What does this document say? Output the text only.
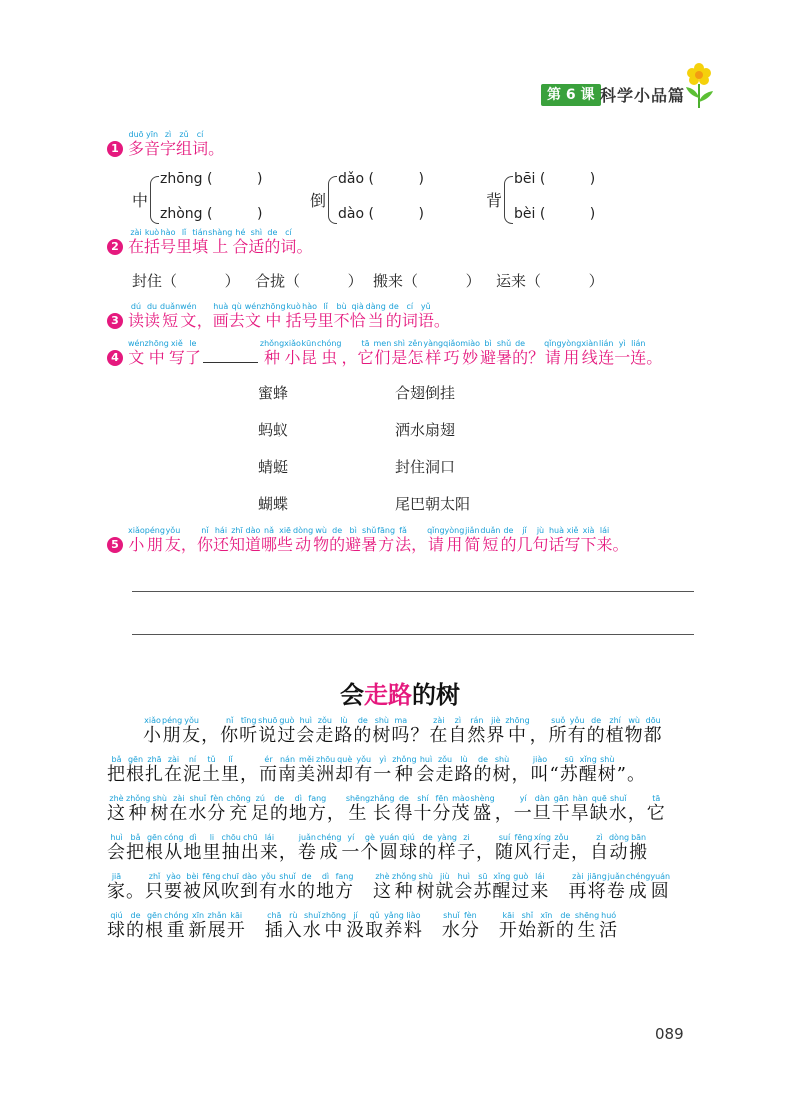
第 6 课 科学小品篇
1 多duō音yīn字zì组zǔ词cí。
中
zhōng (          )
zhòng (          )
倒
dǎo (          )
dào (          )
背
bēi (          )
bèi (          )
2 在zài括kuò号hào里lǐ填tián上shàng合hé适shì的de词cí。
封住（          ） 合拢（          ） 搬来（          ） 运来（          ）
3 读dú读du短duǎn文wén， 画huà去qù文wén中zhōng括kuò号hào里lǐ不bù恰qià当dàng的de词cí语yǔ。
4 文wén中zhōng写xiě了le种zhǒng小xiǎo昆kūn虫chóng， 它tā们men是shì怎zěn样yàng巧qiǎo妙miào避bì暑shǔ的de？ 请qǐng用yòng线xiàn连lián一yì连lián。
蜜蜂
蚂蚁
蜻蜓
蝴蝶
合翅倒挂
洒水扇翅
封住洞口
尾巴朝太阳
5 小xiǎo朋péng友yǒu， 你nǐ还hái知zhī道dào哪nǎ些xiē动dòng物wù的de避bì暑shǔ方fāng法fǎ， 请qǐng用yòng简jiǎn短duǎn的de几jǐ句jù话huà写xiě下xià来lái。
会走路的树
小xiǎo朋péng友yǒu， 你nǐ听tīng说shuō过guò会huì走zǒu路lù的de树shù吗ma？ 在zài自zì然rán界jiè中zhōng， 所suǒ有yǒu的de植zhí物wù都dōu
把bǎ根gēn扎zhā在zài泥ní土tǔ里lǐ， 而ér南nán美měi洲zhōu却què有yǒu一yì种zhǒng会huì走zǒu路lù的de树shù， 叫jiào“ 苏sū醒xǐng树shù” 。
这zhè种zhǒng树shù在zài水shuǐ分fèn充chōng足zú的de地dì方fang， 生shēng长zhǎng得de十shí分fēn茂mào盛shèng， 一yí旦dàn干gān旱hàn缺quē水shuǐ， 它tā
会huì把bǎ根gēn从cóng地dì里li抽chōu出chū来lái， 卷juǎn成chéng一yí个gè圆yuán球qiú的de样yàng子zi， 随suí风fēng行xíng走zǒu， 自zì动dòng搬bān
家jiā。 只zhǐ要yào被bèi风fēng吹chuī到dào有yǒu水shuǐ的de地dì方fang　 这zhè种zhǒng树shù就jiù会huì苏sū醒xǐng过guò来lái　 再zài将jiāng卷juǎn成chéng圆yuán
球qiú的de根gēn重chóng新xīn展zhǎn开kāi　 插chā入rù水shuǐ中zhōng汲jí取qǔ养yǎng料liào　 水shuǐ分fèn　 开kāi始shǐ新xīn的de生shēng活huó
089
